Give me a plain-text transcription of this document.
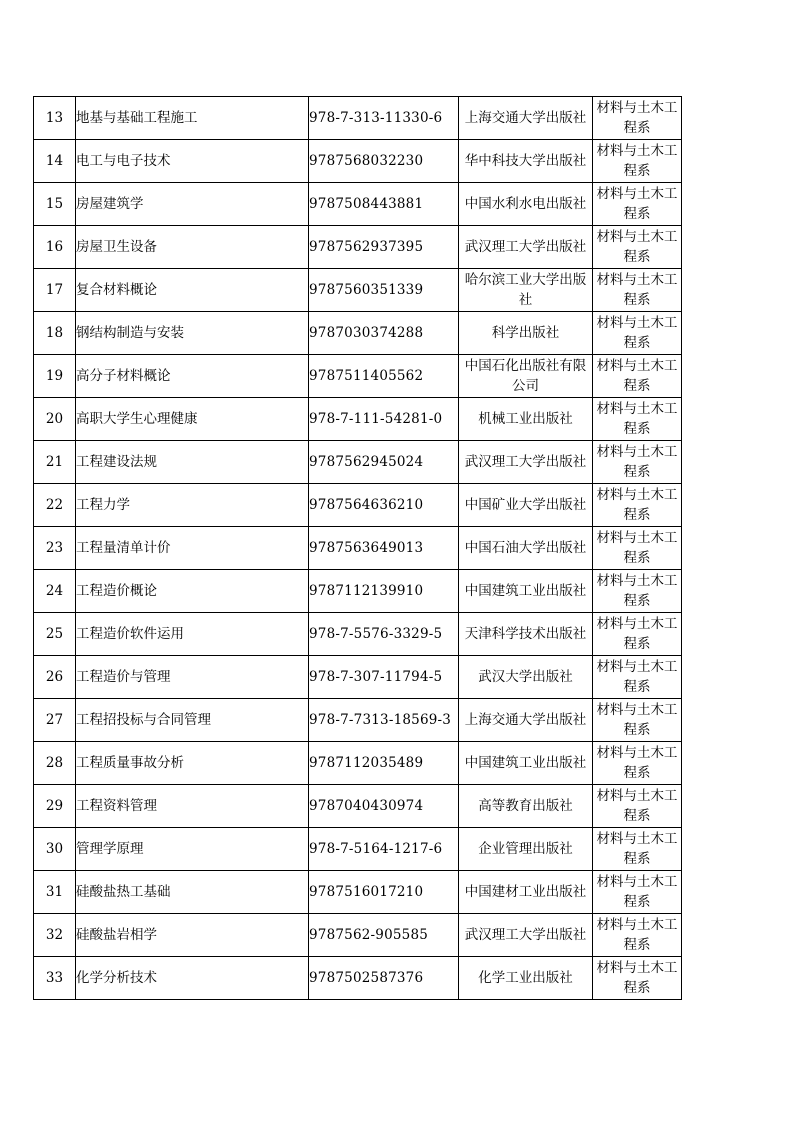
13	地基与基础工程施工	978-7-313-11330-6	上海交通大学出版社	材料与土木工程系
14	电工与电子技术	9787568032230	华中科技大学出版社	材料与土木工程系
15	房屋建筑学	9787508443881	中国水利水电出版社	材料与土木工程系
16	房屋卫生设备	9787562937395	武汉理工大学出版社	材料与土木工程系
17	复合材料概论	9787560351339	哈尔滨工业大学出版社	材料与土木工程系
18	钢结构制造与安装	9787030374288	科学出版社	材料与土木工程系
19	高分子材料概论	9787511405562	中国石化出版社有限公司	材料与土木工程系
20	高职大学生心理健康	978-7-111-54281-0	机械工业出版社	材料与土木工程系
21	工程建设法规	9787562945024	武汉理工大学出版社	材料与土木工程系
22	工程力学	9787564636210	中国矿业大学出版社	材料与土木工程系
23	工程量清单计价	9787563649013	中国石油大学出版社	材料与土木工程系
24	工程造价概论	9787112139910	中国建筑工业出版社	材料与土木工程系
25	工程造价软件运用	978-7-5576-3329-5	天津科学技术出版社	材料与土木工程系
26	工程造价与管理	978-7-307-11794-5	武汉大学出版社	材料与土木工程系
27	工程招投标与合同管理	978-7-7313-18569-3	上海交通大学出版社	材料与土木工程系
28	工程质量事故分析	9787112035489	中国建筑工业出版社	材料与土木工程系
29	工程资料管理	9787040430974	高等教育出版社	材料与土木工程系
30	管理学原理	978-7-5164-1217-6	企业管理出版社	材料与土木工程系
31	硅酸盐热工基础	9787516017210	中国建材工业出版社	材料与土木工程系
32	硅酸盐岩相学	9787562-905585	武汉理工大学出版社	材料与土木工程系
33	化学分析技术	9787502587376	化学工业出版社	材料与土木工程系
